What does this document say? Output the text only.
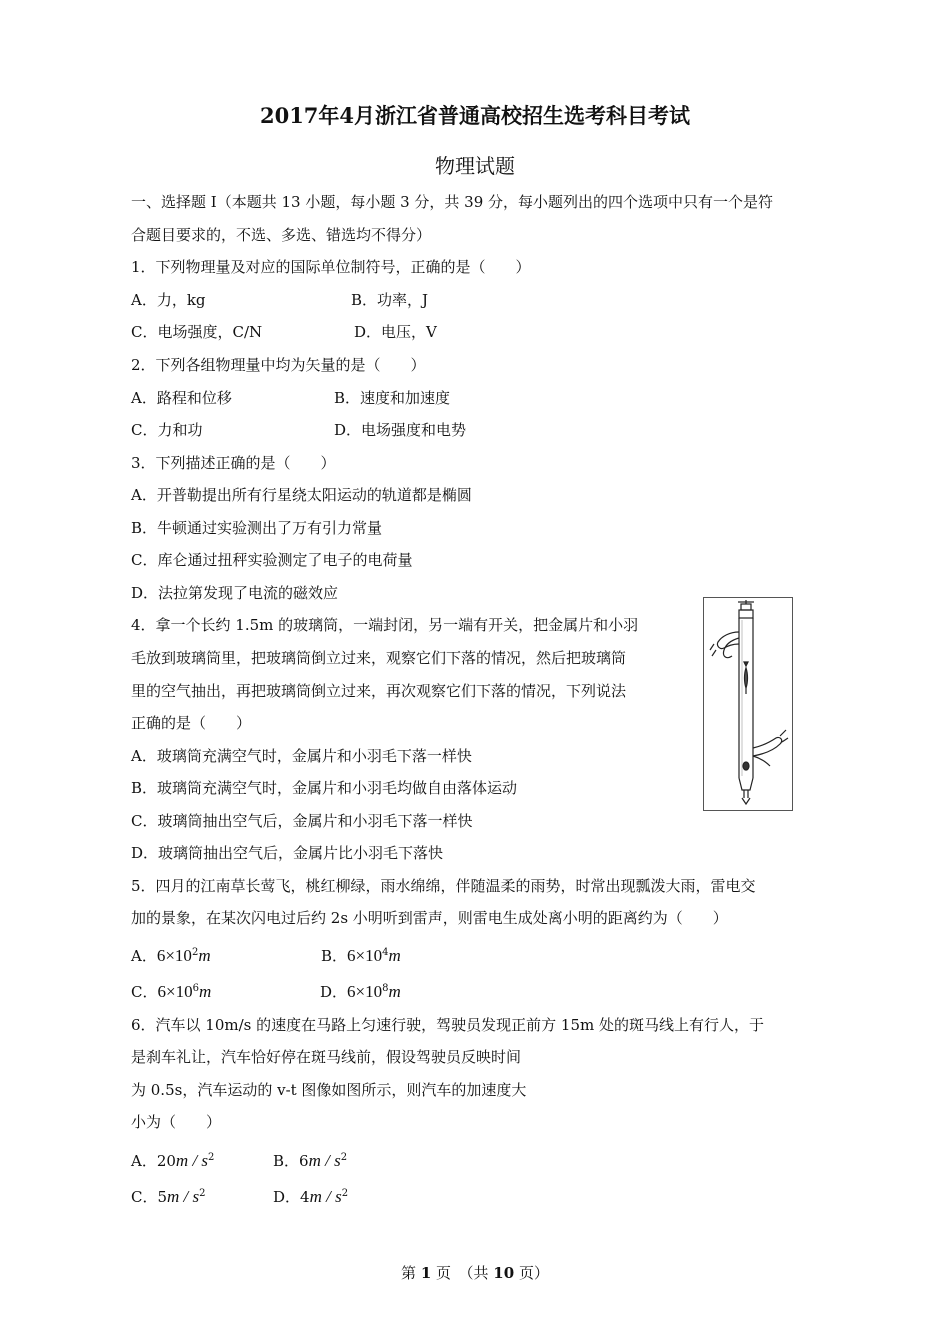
2017年4月浙江省普通高校招生选考科目考试
物理试题
一、选择题 I（本题共 13 小题，每小题 3 分，共 39 分，每小题列出的四个选项中只有一个是符
合题目要求的，不选、多选、错选均不得分）
1．下列物理量及对应的国际单位制符号，正确的是（　　）
A．力，kg	B．功率，J
C．电场强度，C/N	D．电压，V
2．下列各组物理量中均为矢量的是（　　）
A．路程和位移	B．速度和加速度
C．力和功	D．电场强度和电势
3．下列描述正确的是（　　）
A．开普勒提出所有行星绕太阳运动的轨道都是椭圆
B．牛顿通过实验测出了万有引力常量
C．库仑通过扭秤实验测定了电子的电荷量
D．法拉第发现了电流的磁效应
4．拿一个长约 1.5m 的玻璃筒，一端封闭，另一端有开关，把金属片和小羽
毛放到玻璃筒里，把玻璃筒倒立过来，观察它们下落的情况，然后把玻璃筒
里的空气抽出，再把玻璃筒倒立过来，再次观察它们下落的情况，下列说法
正确的是（　　）
A．玻璃筒充满空气时，金属片和小羽毛下落一样快
B．玻璃筒充满空气时，金属片和小羽毛均做自由落体运动
C．玻璃筒抽出空气后，金属片和小羽毛下落一样快
D．玻璃筒抽出空气后，金属片比小羽毛下落快
5．四月的江南草长莺飞，桃红柳绿，雨水绵绵，伴随温柔的雨势，时常出现瓢泼大雨，雷电交
加的景象，在某次闪电过后约 2s 小明听到雷声，则雷电生成处离小明的距离约为（　　）
A．$6\times 10^2m$	B．$6\times 10^4m$
C．$6\times 10^6m$	D．$6\times 10^8m$
6．汽车以 10m/s 的速度在马路上匀速行驶，驾驶员发现正前方 15m 处的斑马线上有行人，于
是刹车礼让，汽车恰好停在斑马线前，假设驾驶员反映时间
为 0.5s，汽车运动的 v-t 图像如图所示，则汽车的加速度大
小为（　　）
A．$20m / s^2$	B．$6m / s^2$
C．$5m / s^2$	D．$4m / s^2$
第 1 页　（共 10 页）
